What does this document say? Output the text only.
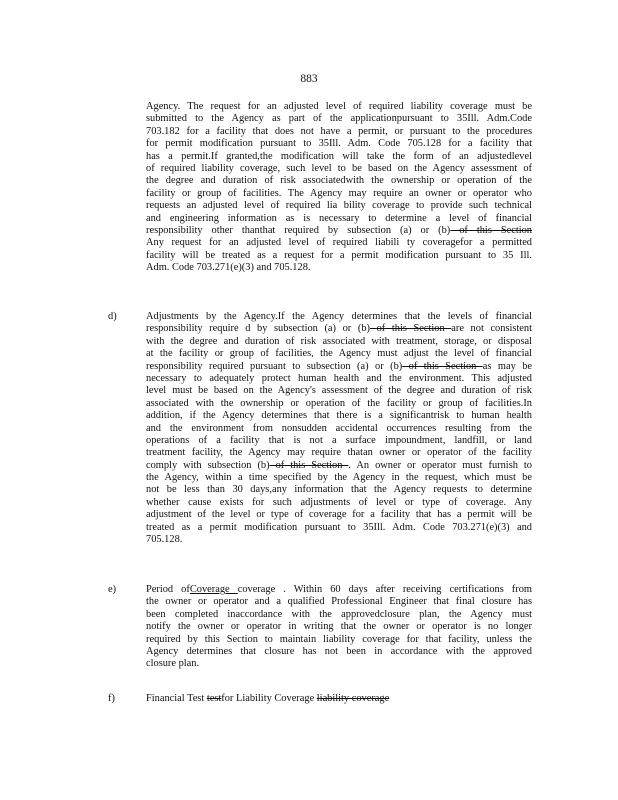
883
Agency. The request for an adjusted level of required liability coverage must be
submitted to the Agency as part of the applicationpursuant to 35Ill. Adm.Code
703.182 for a facility that does not have a permit, or pursuant to the procedures
for permit modification pursuant to 35Ill. Adm. Code 705.128 for a facility that
has a permit.If granted,the modification will take the form of an adjustedlevel
of required liability coverage, such level to be based on the Agency assessment of
the degree and duration of risk associatedwith the ownership or operation of the
facility or group of facilities. The Agency may require an owner or operator who
requests an adjusted level of required lia bility coverage to provide such technical
and engineering information as is necessary to determine a level of financial
responsibility other thanthat required by subsection (a) or (b) of this Section
Any request for an adjusted level of required liabili ty coveragefor a permitted
facility will be treated as a request for a permit modification pursuant to 35 Ill.
Adm. Code 703.271(e)(3) and 705.128.
d)	Adjustments by the Agency.If the Agency determines that the levels of financial
responsibility require d by subsection (a) or (b) of this Section are not consistent
with the degree and duration of risk associated with treatment, storage, or disposal
at the facility or group of facilities, the Agency must adjust the level of financial
responsibility required pursuant to subsection (a) or (b) of this Section as may be
necessary to adequately protect human health and the environment. This adjusted
level must be based on the Agency's assessment of the degree and duration of risk
associated with the ownership or operation of the facility or group of facilities.In
addition, if the Agency determines that there is a significantrisk to human health
and the environment from nonsudden accidental occurrences resulting from the
operations of a facility that is not a surface impoundment, landfill, or land
treatment facility, the Agency may require thatan owner or operator of the facility
comply with subsection (b) of this Section . An owner or operator must furnish to
the Agency, within a time specified by the Agency in the request, which must be
not be less than 30 days,any information that the Agency requests to determine
whether cause exists for such adjustments of level or type of coverage. Any
adjustment of the level or type of coverage for a facility that has a permit will be
treated as a permit modification pursuant to 35Ill. Adm. Code 703.271(e)(3) and
705.128.
e)	Period ofCoverage coverage . Within 60 days after receiving certifications from
the owner or operator and a qualified Professional Engineer that final closure has
been completed inaccordance with the approvedclosure plan, the Agency must
notify the owner or operator in writing that the owner or operator is no longer
required by this Section to maintain liability coverage for that facility, unless the
Agency determines that closure has not been in accordance with the approved
closure plan.
f)	Financial Test testfor Liability Coverage liability coverage
